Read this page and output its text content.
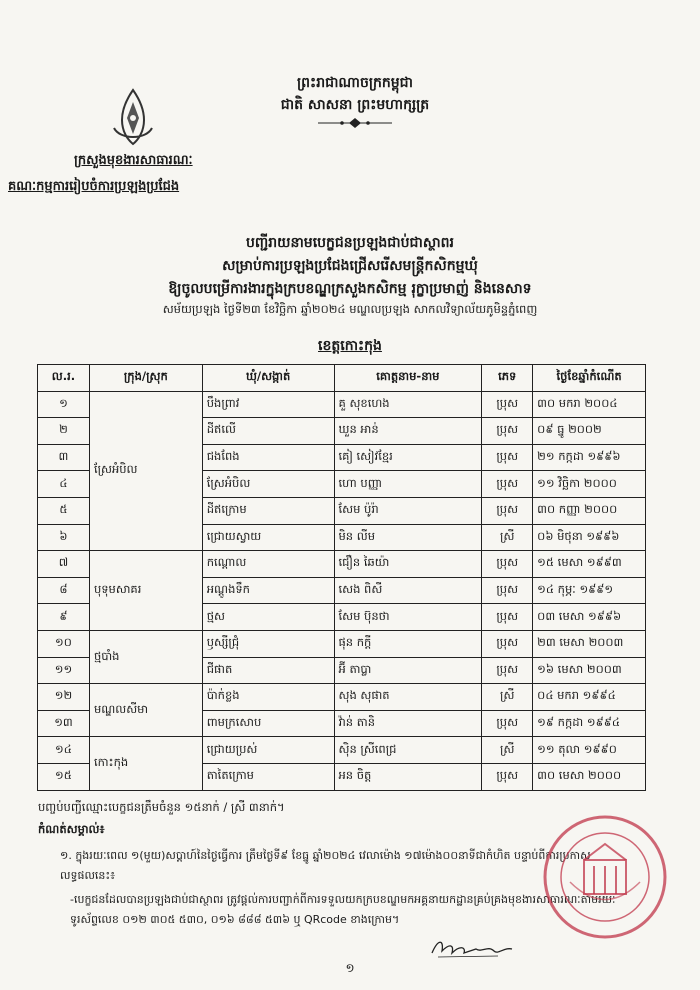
ព្រះរាជាណាចក្រកម្ពុជា
ជាតិ សាសនា ព្រះមហាក្សត្រ
ក្រសួងមុខងារសាធារណៈ
គណៈកម្មការរៀបចំការប្រឡងប្រជែង
បញ្ជីរាយនាមបេក្ខជនប្រឡងជាប់ជាស្ថាពរ
សម្រាប់ការប្រឡងប្រជែងជ្រើសរើសមន្ត្រីកសិកម្មឃុំ
ឱ្យចូលបម្រើការងារក្នុងក្របខណ្ឌក្រសួងកសិកម្ម រុក្ខាប្រមាញ់ និងនេសាទ
សម័យប្រឡង ថ្ងៃទី២៣ ខែវិច្ឆិកា ឆ្នាំ២០២៤ មណ្ឌលប្រឡង សាកលវិទ្យាល័យភូមិន្ទភ្នំពេញ
ខេត្តកោះកុង
ល.រ.	ក្រុង/ស្រុក	ឃុំ/សង្កាត់	គោត្តនាម-នាម	ភេទ	ថ្ងៃខែឆ្នាំកំណើត
១	ស្រែអំបិល	បឹងព្រាវ	គួ សុខហេង	ប្រុស	៣០ មករា ២០០៤
២		ដីឥលើ	ឃួន អាន់	ប្រុស	០៩ ធ្នូ ២០០២
៣		ជងពែង	គៀ សៀវខ្មែរ	ប្រុស	២១ កក្កដា ១៩៩៦
៤		ស្រែអំបិល	ហោ បញ្ញា	ប្រុស	១១ វិច្ឆិកា ២០០០
៥		ដីឥក្រោម	សែម ប៉ូរ៉ា	ប្រុស	៣០ កញ្ញា ២០០០
៦		ជ្រោយស្វាយ	មិន លីម	ស្រី	០៦ មិថុនា ១៩៩៦
៧	បុទុមសាគរ	កណ្តោល	ជឿន ឆៃយ៉ា	ប្រុស	១៥ មេសា ១៩៩៣
៨		អណ្តូងទឹក	សេង ពិសី	ប្រុស	១៤ កុម្ភៈ ១៩៩១
៩		ថ្មស	សែម ប៊ុនថា	ប្រុស	០៣ មេសា ១៩៩៦
១០	ថ្មបាំង	ឫស្សីជ្រុំ	ផុន កក្តី	ប្រុស	២៣ មេសា ២០០៣
១១		ជីផាត	អ៊ី តាប្លា	ប្រុស	១៦ មេសា ២០០៣
១២	មណ្ឌលសីមា	ប៉ាក់ខ្លង	សុង សុផាត	ស្រី	០៤ មករា ១៩៩៤
១៣		ពាមក្រសោប	វ៉ាន់ តានិ	ប្រុស	១៩ កក្កដា ១៩៩៤
១៤	កោះកុង	ជ្រោយប្រស់	ស៊ិន ស្រីពេជ្រ	ស្រី	១១ តុលា ១៩៩០
១៥		តាតៃក្រោម	អន ចិត្ត	ប្រុស	៣០ មេសា ២០០០
បញ្ចប់បញ្ជីឈ្មោះបេក្ខជនត្រឹមចំនួន ១៥នាក់ / ស្រី ៣នាក់។
កំណត់សម្គាល់៖
១. ក្នុងរយៈពេល ១(មួយ)សប្តាហ៍នៃថ្ងៃធ្វើការ ត្រឹមថ្ងៃទី៩ ខែធ្នូ ឆ្នាំ២០២៤ វេលាម៉ោង ១៧ម៉ោង០០នាទីជាកំហិត បន្ទាប់ពីការប្រកាសលទ្ធផលនេះ៖
-បេក្ខជនដែលបានប្រឡងជាប់ជាស្ថាពរ ត្រូវផ្តល់ការបញ្ជាក់ពីការទទួលយកក្របខណ្ឌមកអគ្គនាយកដ្ឋានគ្រប់គ្រងមុខងារសាធារណៈតាមរយៈទូរស័ព្ទលេខ ០១២ ៣០៥ ៥៣០, ០១៦ ៨៨៨ ៥៣៦ ឬ QRcode ខាងក្រោម។
១
